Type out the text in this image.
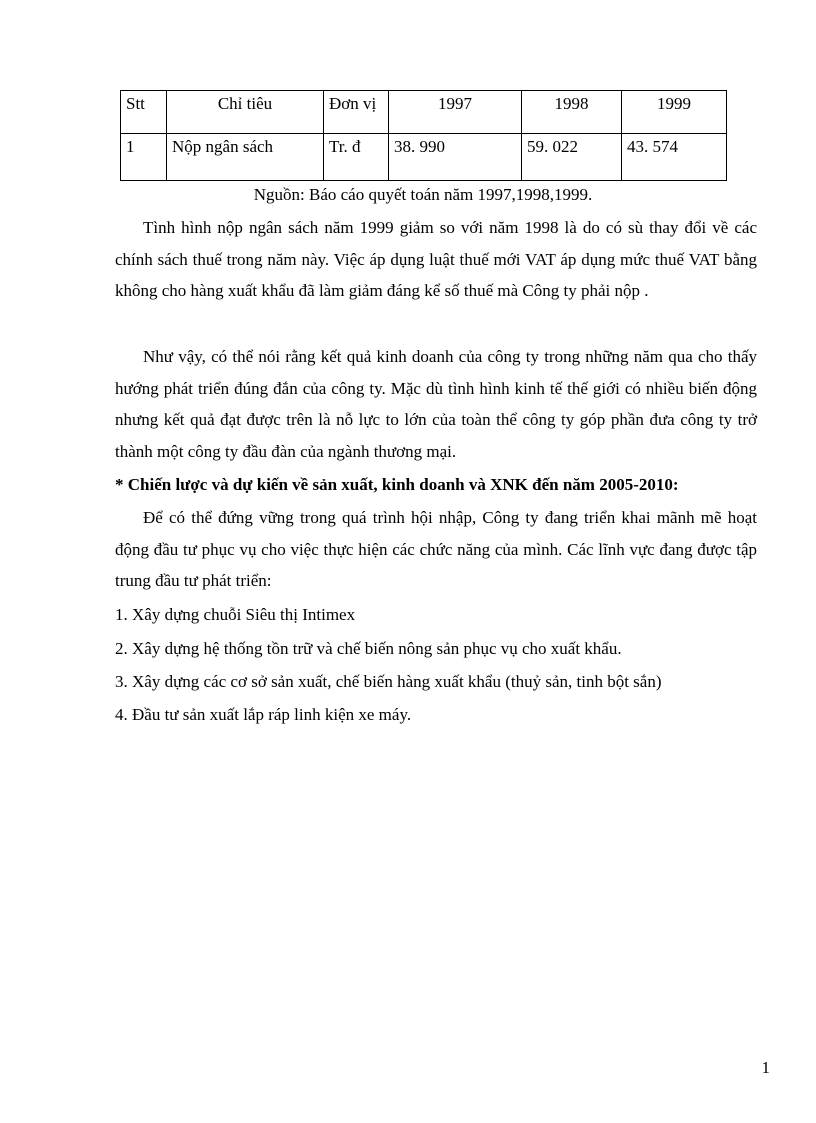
Stt	Chỉ tiêu	Đơn vị	1997	1998	1999
1	Nộp ngân sách	Tr. đ	38. 990	59. 022	43. 574
Nguồn: Báo cáo quyết toán năm 1997,1998,1999.

Tình hình nộp ngân sách năm 1999 giảm so với năm 1998 là do có sù thay đổi về các chính sách thuế trong năm này. Việc áp dụng luật thuế mới VAT áp dụng mức thuế VAT bằng không cho hàng xuất khẩu đã làm giảm đáng kể số thuế mà Công ty phải nộp .

Như vậy, có thể nói rằng kết quả kinh doanh của công ty trong những năm qua cho thấy hướng phát triển đúng đắn của công ty. Mặc dù tình hình kinh tế thế giới có nhiều biến động nhưng kết quả đạt được trên là nỗ lực to lớn của toàn thể công ty góp phần đưa công ty trở thành một công ty đầu đàn của ngành thương mại.

* Chiến lược và dự kiến về sản xuất, kinh doanh và XNK đến năm 2005-2010:

Để có thể đứng vững trong quá trình hội nhập, Công ty đang triển khai mãnh mẽ hoạt động đầu tư phục vụ cho việc thực hiện các chức năng của mình. Các lĩnh vực đang được tập trung đầu tư phát triển:

1. Xây dựng chuỗi Siêu thị Intimex
2. Xây dựng hệ thống tồn trữ và chế biến nông sản phục vụ cho xuất khẩu.
3. Xây dựng các cơ sở sản xuất, chế biến hàng xuất khẩu (thuỷ sản, tinh bột sắn)
4. Đầu tư sản xuất lắp ráp linh kiện xe máy.
1
